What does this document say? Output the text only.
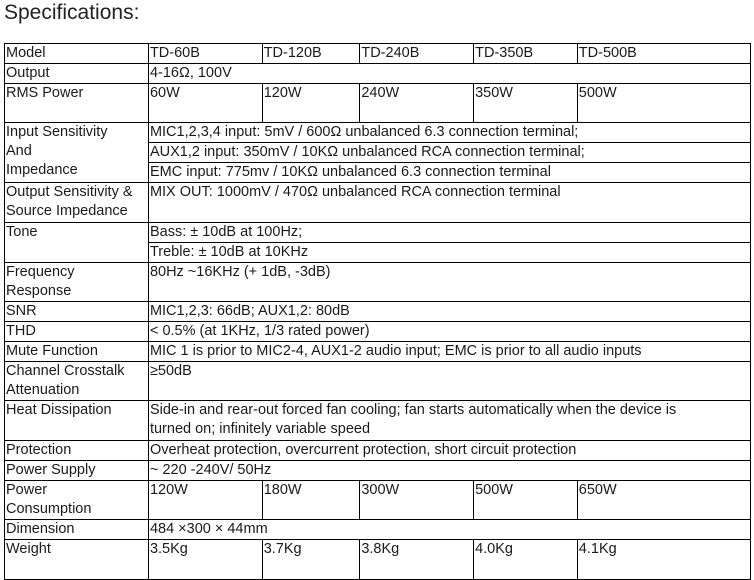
Specifications:
Model	TD-60B	TD-120B	TD-240B	TD-350B	TD-500B
Output	4-16Ω, 100V				
RMS Power	60W	120W	240W	350W	500W

Input Sensitivity
And
Impedance	MIC1,2,3,4 input: 5mV / 600Ω unbalanced 6.3 connection terminal;				
	AUX1,2 input: 350mV / 10KΩ unbalanced RCA connection terminal;				
	EMC input: 775mv / 10KΩ unbalanced 6.3 connection terminal				

Output Sensitivity &
Source Impedance	MIX OUT: 1000mV / 470Ω unbalanced RCA connection terminal				
Tone	Bass: ± 10dB at 100Hz;				
	Treble: ± 10dB at 10KHz				

Frequency
Response	80Hz ~16KHz (+ 1dB, -3dB)				
SNR	MIC1,2,3: 66dB; AUX1,2: 80dB				
THD	< 0.5% (at 1KHz, 1/3 rated power)				
Mute Function	MIC 1 is prior to MIC2-4, AUX1-2 audio input; EMC is prior to all audio inputs				

Channel Crosstalk
Attenuation	≥50dB				
Heat Dissipation	Side-in and rear-out forced fan cooling; fan starts automatically when the device is
turned on; infinitely variable speed				

Protection	Overheat protection, overcurrent protection, short circuit protection				
Power Supply	~ 220 -240V/ 50Hz				

Power
Consumption	120W	180W	300W	500W	650W
Dimension	484 ×300 × 44mm				
Weight	3.5Kg	3.7Kg	3.8Kg	4.0Kg	4.1Kg
